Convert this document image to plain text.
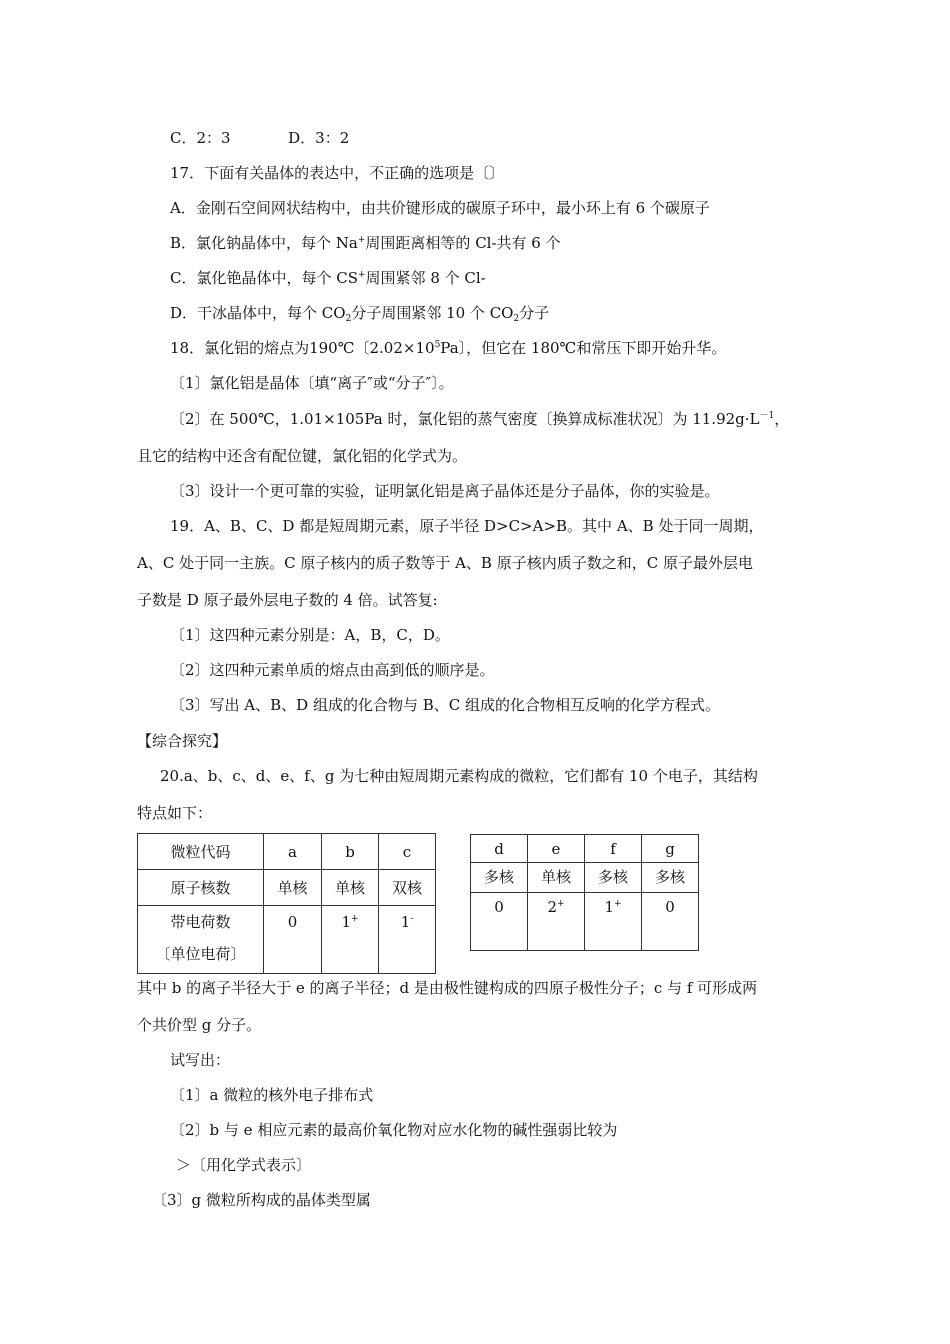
C．2：3	D．3：2
17．下面有关晶体的表达中，不正确的选项是〔〕
A．金刚石空间网状结构中，由共价键形成的碳原子环中，最小环上有 6 个碳原子
B．氯化钠晶体中，每个 Na+周围距离相等的 Cl-共有 6 个
C．氯化铯晶体中，每个 CS+周围紧邻 8 个 Cl-
D．干冰晶体中，每个 $CO_2$分子周围紧邻 10 个 $CO_2$分子
18．氯化铝的熔点为190℃〔$2.02\times 10^5Pa$〕，但它在 180℃和常压下即开始升华。
〔1〕氯化铝是晶体〔填“离子″或“分子″〕。
〔2〕在 500℃，1.01×105Pa 时，氯化铝的蒸气密度〔换算成标准状况〕为 $11.92g\cdot L^{-1}$，
且它的结构中还含有配位键，氯化铝的化学式为。
〔3〕设计一个更可靠的实验，证明氯化铝是离子晶体还是分子晶体，你的实验是。
19．A、B、C、D 都是短周期元素，原子半径 D>C>A>B。其中 A、B 处于同一周期，
A、C 处于同一主族。C 原子核内的质子数等于 A、B 原子核内质子数之和，C 原子最外层电
子数是 D 原子最外层电子数的 4 倍。试答复:
〔1〕这四种元素分别是：A，B，C，D。
〔2〕这四种元素单质的熔点由高到低的顺序是。
〔3〕写出 A、B、D 组成的化合物与 B、C 组成的化合物相互反响的化学方程式。
【综合探究】
20.a、b、c、d、e、f、g 为七种由短周期元素构成的微粒，它们都有 10 个电子，其结构
特点如下：
微粒代码	a	b	c
原子核数	单核	单核	双核

带电荷数
〔单位电荷〕	0	1+	1-
d	e	f	g
多核	单核	多核	多核
0	2+	1+	0
其中 b 的离子半径大于 e 的离子半径；d 是由极性键构成的四原子极性分子；c 与 f 可形成两
个共价型 g 分子。
试写出：
〔1〕a 微粒的核外电子排布式
〔2〕b 与 e 相应元素的最高价氧化物对应水化物的碱性强弱比较为
＞〔用化学式表示〕
〔3〕g 微粒所构成的晶体类型属
